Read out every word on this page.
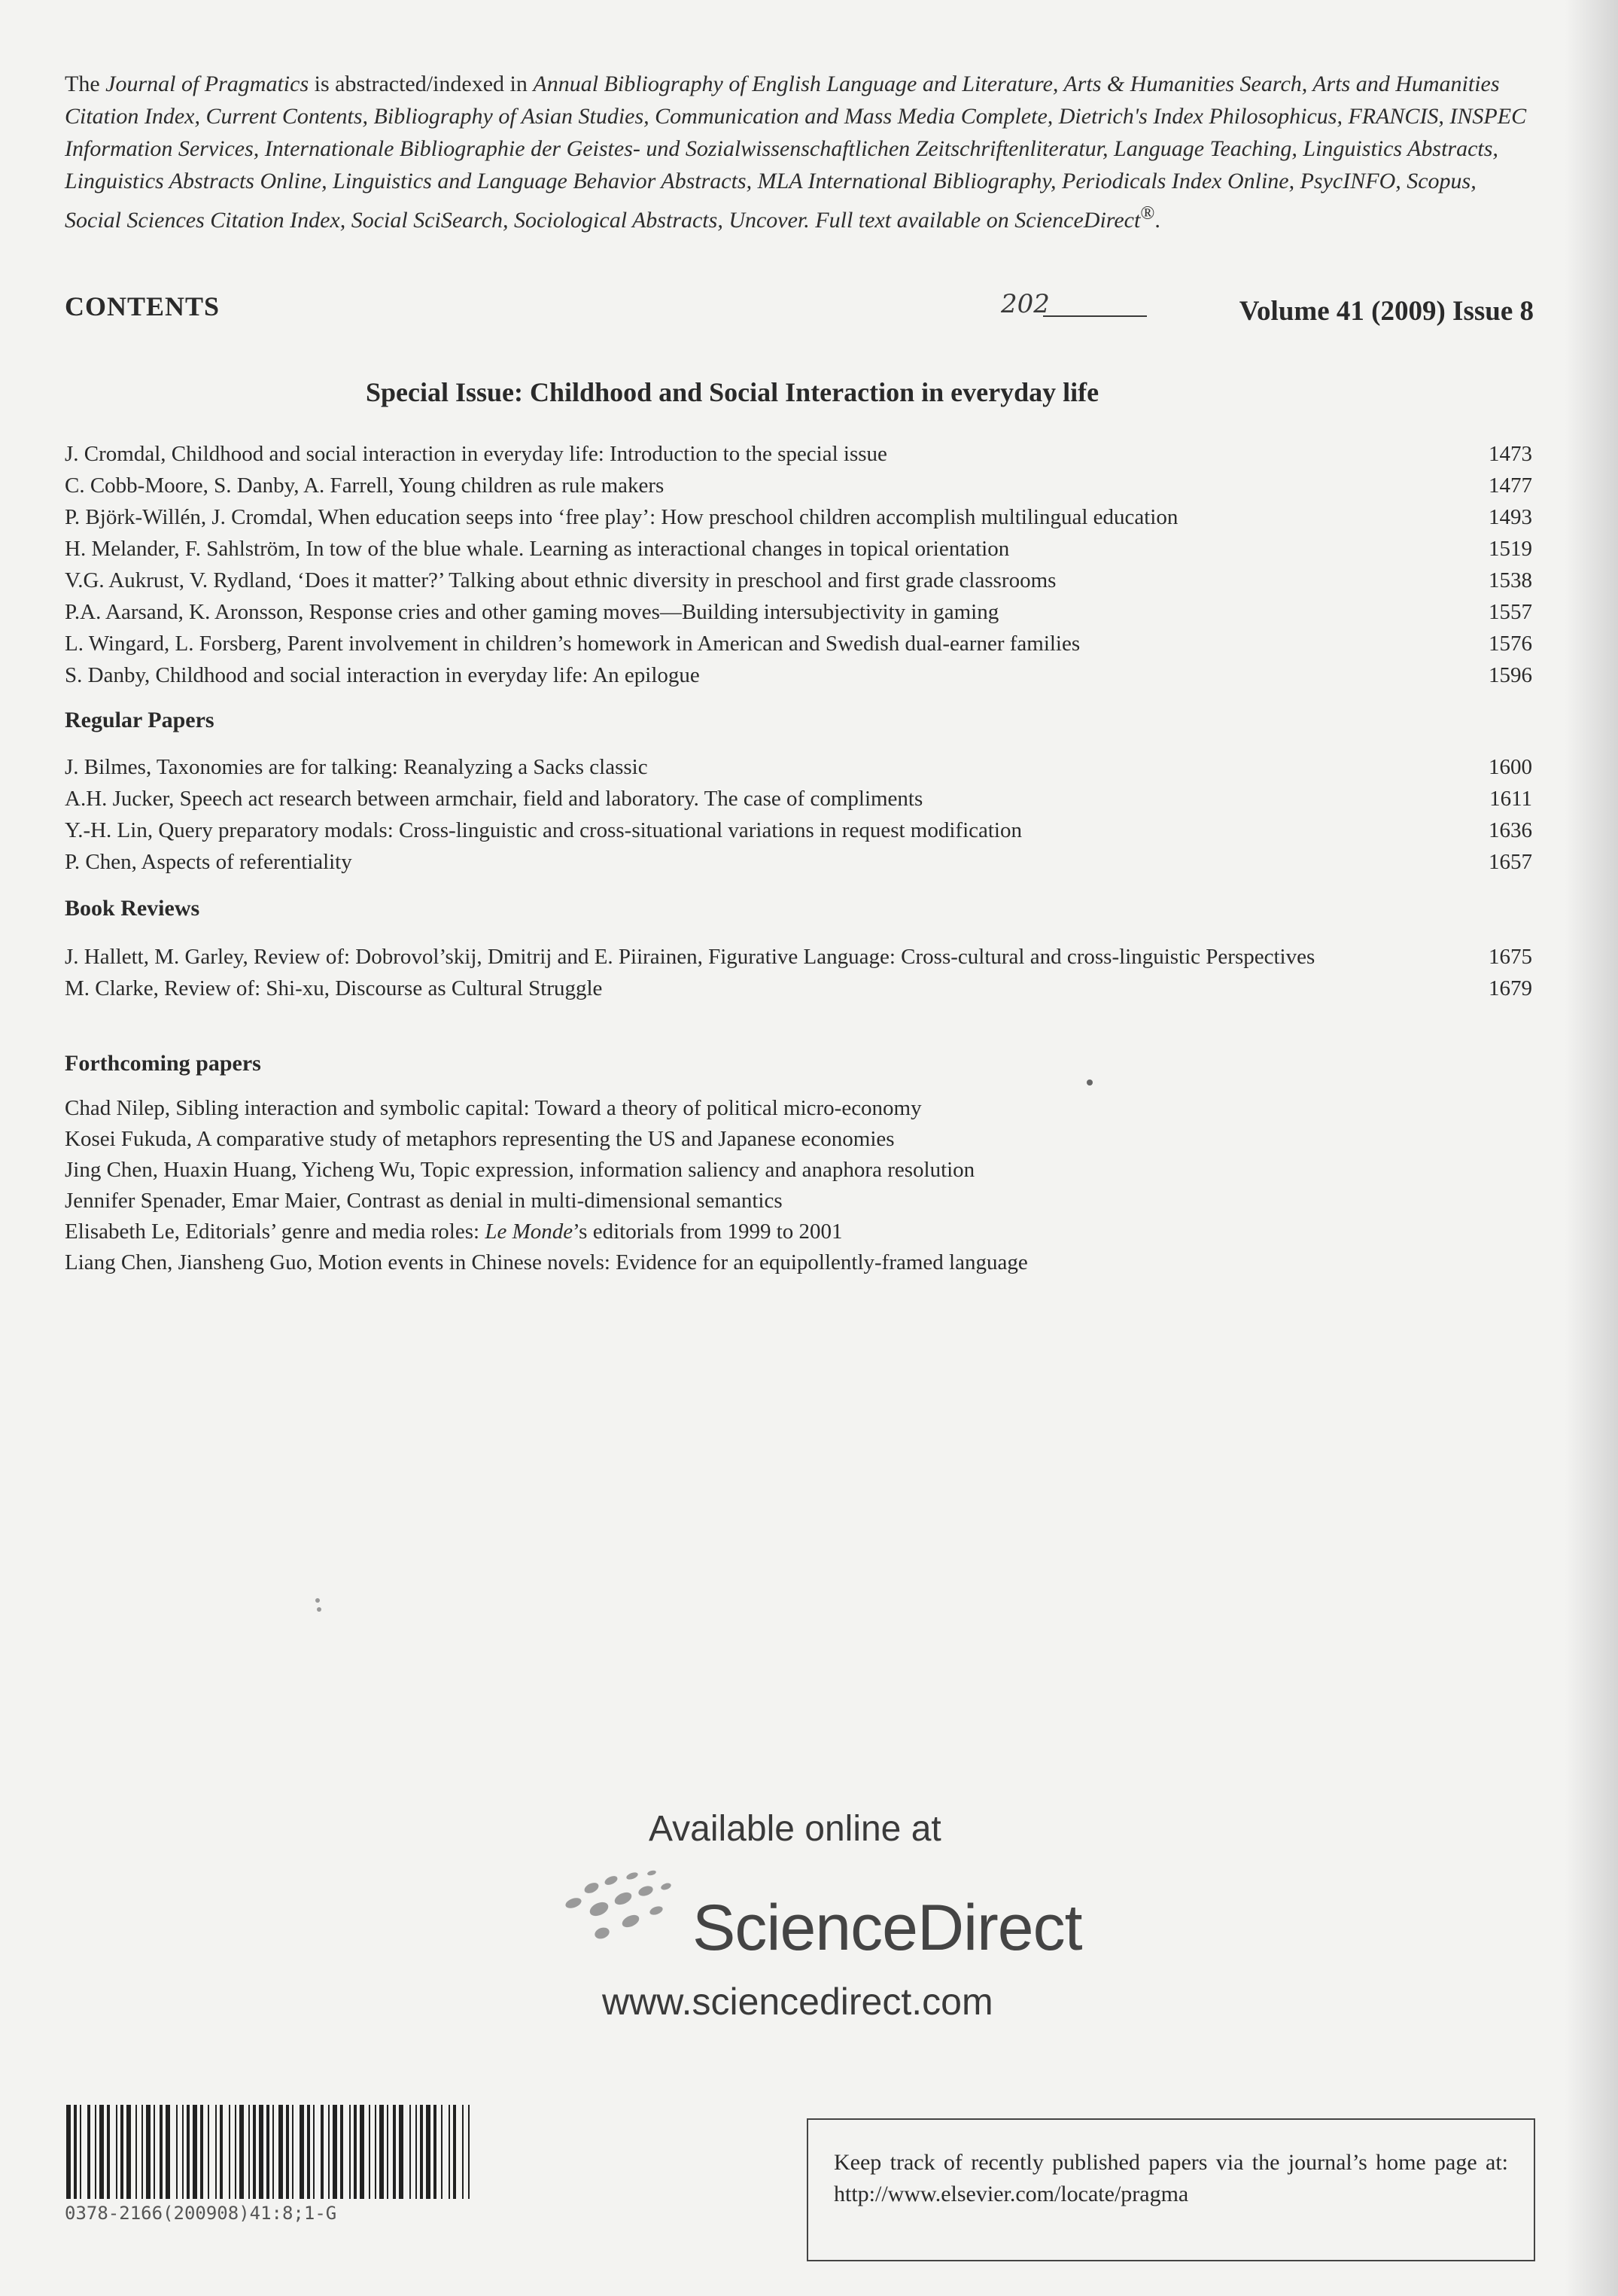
The Journal of Pragmatics is abstracted/indexed in Annual Bibliography of English Language and Literature, Arts & Humanities Search, Arts and Humanities Citation Index, Current Contents, Bibliography of Asian Studies, Communication and Mass Media Complete, Dietrich's Index Philosophicus, FRANCIS, INSPEC Information Services, Internationale Bibliographie der Geistes- und Sozialwissenschaftlichen Zeitschriftenliteratur, Language Teaching, Linguistics Abstracts, Linguistics Abstracts Online, Linguistics and Language Behavior Abstracts, MLA International Bibliography, Periodicals Index Online, PsycINFO, Scopus, Social Sciences Citation Index, Social SciSearch, Sociological Abstracts, Uncover. Full text available on ScienceDirect®.

CONTENTS	202	Volume 41 (2009) Issue 8
Special Issue: Childhood and Social Interaction in everyday life
J. Cromdal, Childhood and social interaction in everyday life: Introduction to the special issue	1473
C. Cobb-Moore, S. Danby, A. Farrell, Young children as rule makers	1477
P. Björk-Willén, J. Cromdal, When education seeps into ‘free play’: How preschool children accomplish multilingual education	1493
H. Melander, F. Sahlström, In tow of the blue whale. Learning as interactional changes in topical orientation	1519
V.G. Aukrust, V. Rydland, ‘Does it matter?’ Talking about ethnic diversity in preschool and first grade classrooms	1538
P.A. Aarsand, K. Aronsson, Response cries and other gaming moves—Building intersubjectivity in gaming	1557
L. Wingard, L. Forsberg, Parent involvement in children’s homework in American and Swedish dual-earner families	1576
S. Danby, Childhood and social interaction in everyday life: An epilogue	1596
Regular Papers
J. Bilmes, Taxonomies are for talking: Reanalyzing a Sacks classic	1600
A.H. Jucker, Speech act research between armchair, field and laboratory. The case of compliments	1611
Y.-H. Lin, Query preparatory modals: Cross-linguistic and cross-situational variations in request modification	1636
P. Chen, Aspects of referentiality	1657
Book Reviews
J. Hallett, M. Garley, Review of: Dobrovol’skij, Dmitrij and E. Piirainen, Figurative Language: Cross-cultural and cross-linguistic Perspectives	1675
M. Clarke, Review of: Shi-xu, Discourse as Cultural Struggle	1679
Forthcoming papers
Chad Nilep, Sibling interaction and symbolic capital: Toward a theory of political micro-economy
Kosei Fukuda, A comparative study of metaphors representing the US and Japanese economies
Jing Chen, Huaxin Huang, Yicheng Wu, Topic expression, information saliency and anaphora resolution
Jennifer Spenader, Emar Maier, Contrast as denial in multi-dimensional semantics
Elisabeth Le, Editorials’ genre and media roles: Le Monde’s editorials from 1999 to 2001
Liang Chen, Jiansheng Guo, Motion events in Chinese novels: Evidence for an equipollently-framed language
Available online at
ScienceDirect
www.sciencedirect.com
0378-2166(200908)41:8;1-G

Keep track of recently published papers via the journal’s home page at: http://www.elsevier.com/locate/pragma
